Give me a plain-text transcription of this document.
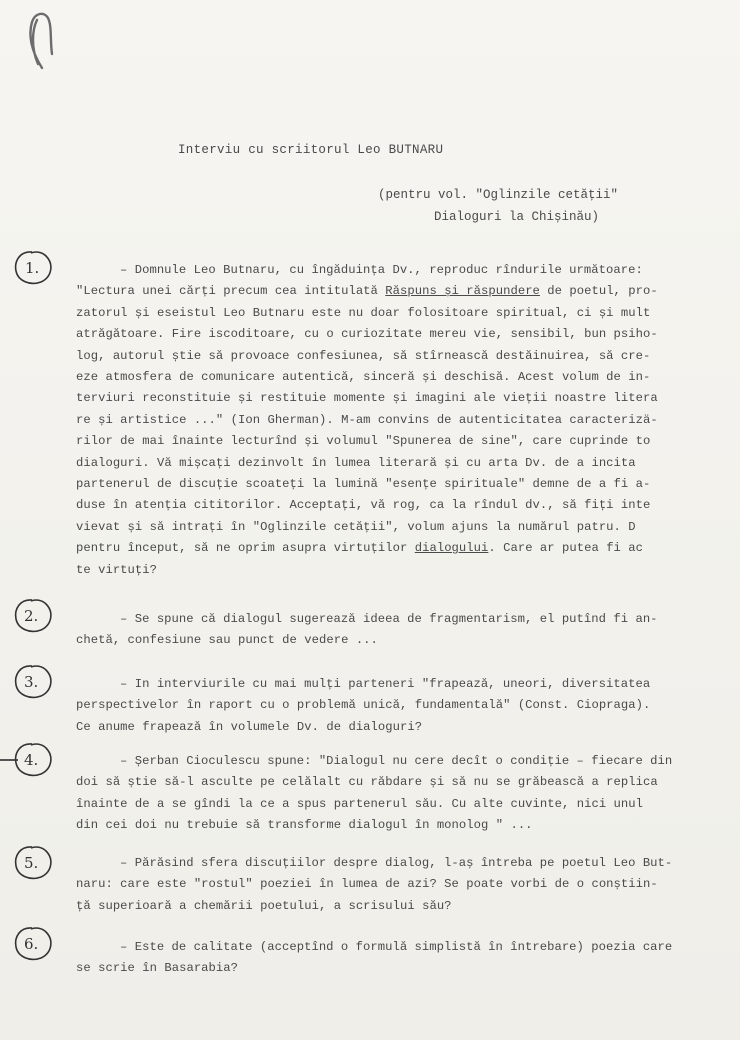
Interviu cu scriitorul Leo BUTNARU
(pentru vol. "Oglinzile cetății"
Dialoguri la Chișinău)
1.	– Domnule Leo Butnaru, cu îngăduința Dv., reproduc rîndurile următoare:
"Lectura unei cărți precum cea intitulată Răspuns și răspundere de poetul, pro-
zatorul și eseistul Leo Butnaru este nu doar folositoare spiritual, ci și mult
atrăgătoare. Fire iscoditoare, cu o curiozitate mereu vie, sensibil, bun psiho-
log, autorul știe să provoace confesiunea, să stîrnească destăinuirea, să cre-
eze atmosfera de comunicare autentică, sinceră și deschisă. Acest volum de in-
terviuri reconstituie și restituie momente și imagini ale vieții noastre litera
re și artistice ..." (Ion Gherman). M-am convins de autenticitatea caracterizä-
rilor de mai înainte lecturînd și volumul "Spunerea de sine", care cuprinde to
dialoguri. Vă mișcați dezinvolt în lumea literară și cu arta Dv. de a incita
partenerul de discuție scoateți la lumină "esențe spirituale" demne de a fi a-
duse în atenția cititorilor. Acceptați, vă rog, ca la rîndul dv., să fiți inte
vievat și să intrați în "Oglinzile cetății", volum ajuns la numărul patru. D
pentru început, să ne oprim asupra virtuților dialogului. Care ar putea fi ac
te virtuți?
2.	– Se spune că dialogul sugerează ideea de fragmentarism, el putînd fi an-
chetă, confesiune sau punct de vedere ...
3.	– In interviurile cu mai mulți parteneri "frapează, uneori, diversitatea
perspectivelor în raport cu o problemă unică, fundamentală" (Const. Ciopraga).
Ce anume frapează în volumele Dv. de dialoguri?
4.	– Șerban Cioculescu spune: "Dialogul nu cere decît o condiție – fiecare din
doi să știe să-l asculte pe celălalt cu răbdare și să nu se grăbească a replica
înainte de a se gîndi la ce a spus partenerul său. Cu alte cuvinte, nici unul
din cei doi nu trebuie să transforme dialogul în monolog " ...
5.	– Părăsind sfera discuțiilor despre dialog, l-aș întreba pe poetul Leo But-
naru: care este "rostul" poeziei în lumea de azi? Se poate vorbi de o conștiin-
ță superioară a chemării poetului, a scrisului său?
6.	– Este de calitate (acceptînd o formulă simplistă în întrebare) poezia care
se scrie în Basarabia?
